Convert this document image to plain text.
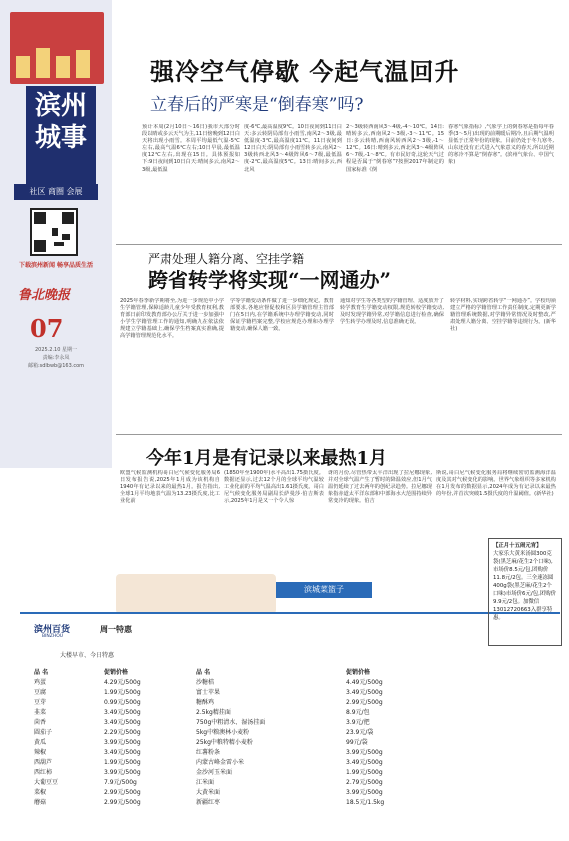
滨州
城事
社区 商圈 会展
下载滨州新闻 畅享品质生活
鲁北晚报
07
2025.2.10 星期一
责编:李永凤
邮箱:sdlbwb@163.com
强冷空气停歇 今起气温回升
立春后的严寒是“倒春寒”吗?
预计本周(2月10日～16日)我市大部分时段以晴或多云天气为主,11日傍晚到12日白天将出现小雨雪。本周平均最低气温-5℃左右,最高气温6℃左右;10日早晨,最低温度12℃左右,出现在15日。具体预报如下:9日夜间到10日白天:晴间多云,南风2～3级,最低温
度-6℃,最高温度9℃。10日夜间到11日白天:多云转阴局部有小雨雪,南风2～3级,最低温度-3℃,最高温度11℃。11日夜间到12日白天:阴局部有小雨雪转多云,南风2～3级转西北风3～4级阵风6～7级,最低温度-2℃,最高温度5℃。13日:晴间多云,西北风
2～3级转西南风3～4级,-4～10℃。14日:晴转多云,西南风2～3级,-3～11℃。15日:多云转晴,西南风转西风2～3级,-1～12℃。16日:晴到多云,西北风3～4级阵风6～7级,-1～8℃。有市民好奇,这轮天气过程是否属于“倒春寒”?按照2017年制定的国家标准《倒
春寒气象指标》,气象学上的倒春寒是指每年春季(3～5月)出现的前期暖后期冷,且后期气温明显低于正常年份的现象。目前仍处于冬九寒冬,山东还没有正式进入气象意义的春天,所以近期的寒冷不算是“倒春寒”。(滨州气象台、中国气象)
严肃处理人籍分离、空挂学籍
跨省转学将实现“一网通办”
2025年春季新学期将至,为进一步规范中小学生学籍管理,保障适龄儿童少年受教育权利,教育部日前印发教育部办公厅关于进一步加强中小学生学籍管理工作的通知,明确九在依法依规建立学籍基础上,确保学生档案真实准确,提高学籍管理规范化水平。
学等学籍变动条件做了进一步细化规定。教育部要求,各地应督促校和区县学籍管理主管部门在5日内,在学籍系统中办理学籍变动,同时保证学籍档案完整,学校应规范办理和办理学籍变动,确保人籍一致。
通知对学生等各类型的学籍管理、适度放开了转学教育生学籍变动权限,规范转校学籍变动,及时发现学籍异常,对学籍信息进行检查,确保学生转学办理及时,信息准确无误。
转学材料,实现跨省转学“一网通办”。学校均须建立严格的学籍管理工作责任制度,定期更新学籍管理系统数据,对学籍异常情况及时整改,严肃处理人籍分离、空挂学籍等违规行为。(新华社)
今年1月是有记录以来最热1月
欧盟气候监测机构哥白尼气候变化服务局6日发布报告说,2025年1月成为该机构自1940年有记录以来的最热1月。报告指出,全球1月平均地表气温为13.23摄氏度,比工业化前
(1850年至1900年)水平高出1.75摄氏度。数据还显示,过去12个月的全球平均气温较工业化前的平均气温高出1.61摄氏度。哥白尼气候变化服务局副局长萨曼莎·伯吉斯表示,2025年1月是又一个令人惊
讶的月份,尽管热带太平洋出现了拉尼娜现象,并对全球气温产生了暂时的降温效应,但1月气温仍延续了过去两年的创纪录趋势。拉尼娜现象指赤道太平洋东部和中部海水大范围持续异常变冷的现象。伯吉
斯说,哥白尼气候变化服务局将继续密切监测海洋温度及其对气候变化的影响。世界气象组织等多家机构在1月发布的数据显示,2024年成为有记录以来最热的年份,并首次突破1.5摄氏度的升温阈值。(新华社)
滨城菜篮子
滨州百货
BINZHOU
周一特惠
大楼早市、今日特惠
品 名	促销价格
鸡蛋	4.29元/500g
豆腐	1.99元/500g
豆芽	0.99元/500g
韭菜	3.49元/500g
茴香	3.49元/500g
圆茄子	2.29元/500g
黄瓜	3.99元/500g
辣椒	3.49元/500g
西葫芦	1.99元/500g
西红柿	3.99元/500g
大葡豆豆	7.9元/500g
菜椒	2.99元/500g
蘑菇	2.99元/500g
品 名	促销价格
沙糖桔	4.49元/500g
富士苹果	3.49元/500g
糖酥鸡	2.99元/500g
2.5kg精挂面	8.9元/包
750g中粗清水、湿汤挂面	3.9元/把
5kg中粮澳林小麦粉	23.9元/袋
25kg中粮特精小麦粉	99元/袋
红薯粉条	3.99元/500g
内蒙古峰金雷小米	3.49元/500g
金沙河玉米面	1.99元/500g
江米面	2.79元/500g
大黄米面	3.99元/500g
新疆红枣	18.5元/1.5kg
【正月十五闹元宵】
大家乐大黄米汤圆300克袋(黑芝麻/花生2个口味),市场价8.5元/包,团购价11.8元/2包。三全速冻圆400g袋(黑芝麻/花生2个口味)市场价6元/包,团购价9.9元/2包。加微信13012720663入群享特惠。
